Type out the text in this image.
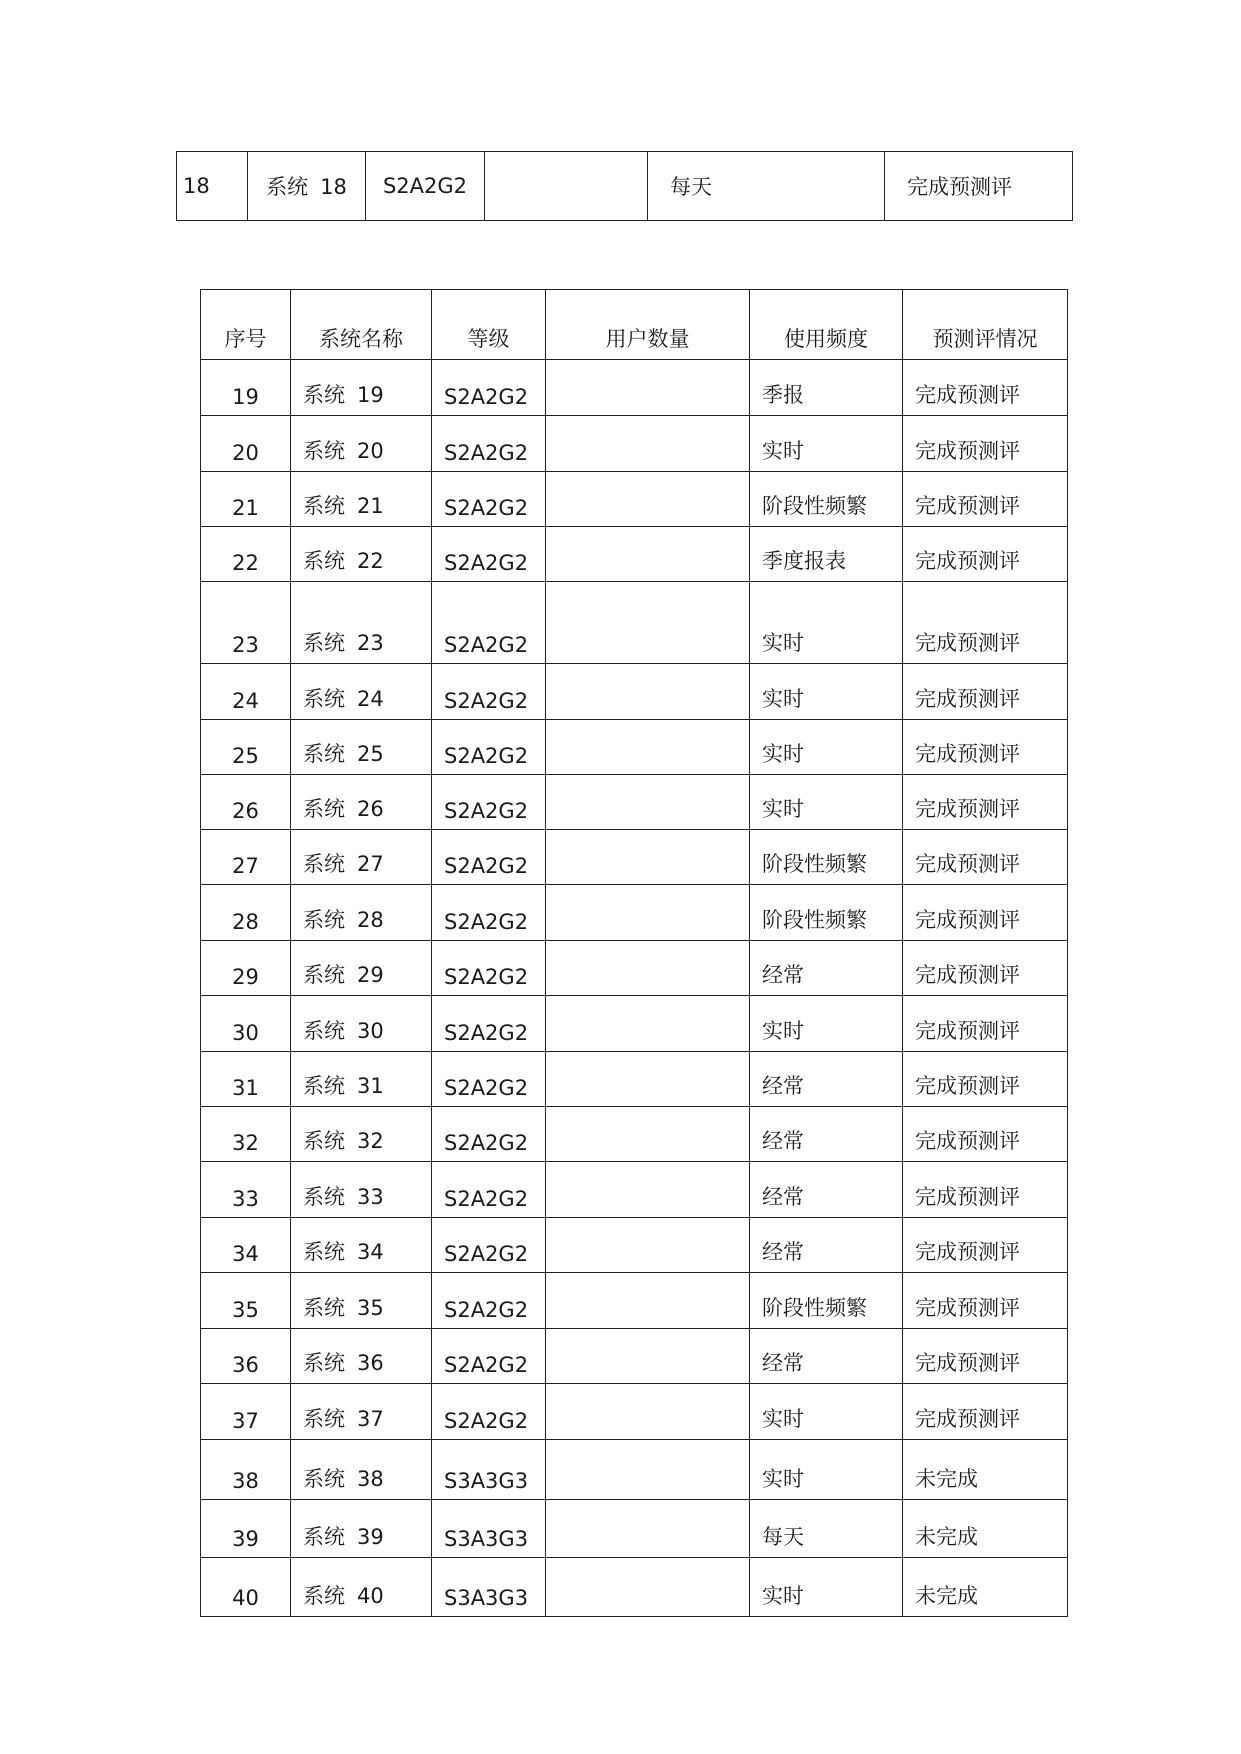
18	系统 18	S2A2G2		每天	完成预测评
序号	系统名称	等级	用户数量	使用频度	预测评情况
19	系统 19	S2A2G2		季报	完成预测评
20	系统 20	S2A2G2		实时	完成预测评
21	系统 21	S2A2G2		阶段性频繁	完成预测评
22	系统 22	S2A2G2		季度报表	完成预测评
23	系统 23	S2A2G2		实时	完成预测评
24	系统 24	S2A2G2		实时	完成预测评
25	系统 25	S2A2G2		实时	完成预测评
26	系统 26	S2A2G2		实时	完成预测评
27	系统 27	S2A2G2		阶段性频繁	完成预测评
28	系统 28	S2A2G2		阶段性频繁	完成预测评
29	系统 29	S2A2G2		经常	完成预测评
30	系统 30	S2A2G2		实时	完成预测评
31	系统 31	S2A2G2		经常	完成预测评
32	系统 32	S2A2G2		经常	完成预测评
33	系统 33	S2A2G2		经常	完成预测评
34	系统 34	S2A2G2		经常	完成预测评
35	系统 35	S2A2G2		阶段性频繁	完成预测评
36	系统 36	S2A2G2		经常	完成预测评
37	系统 37	S2A2G2		实时	完成预测评
38	系统 38	S3A3G3		实时	未完成
39	系统 39	S3A3G3		每天	未完成
40	系统 40	S3A3G3		实时	未完成
